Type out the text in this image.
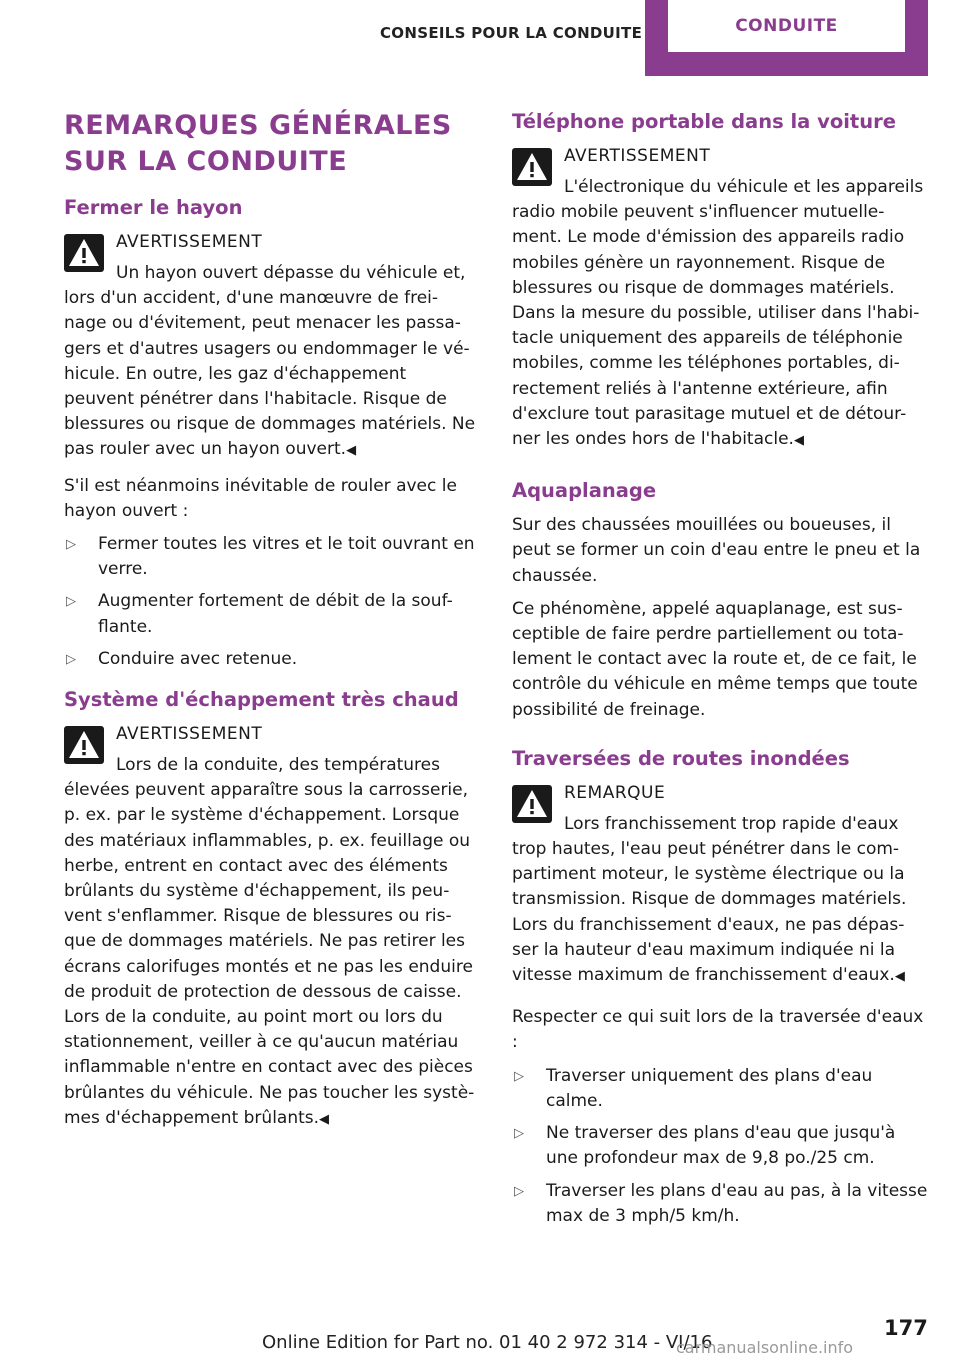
CONSEILS POUR LA CONDUITE	CONDUITE
REMARQUES GÉNÉRALES SUR LA CONDUITE
Fermer le hayon
AVERTISSEMENT
Un hayon ouvert dépasse du véhicule et, lors d'un accident, d'une manœuvre de frei-nage ou d'évitement, peut menacer les passa-gers et d'autres usagers ou endommager le vé-hicule. En outre, les gaz d'échappement peuvent pénétrer dans l'habitacle. Risque de blessures ou risque de dommages matériels. Ne pas rouler avec un hayon ouvert.◀
S'il est néanmoins inévitable de rouler avec le hayon ouvert :
▷ Fermer toutes les vitres et le toit ouvrant en verre.
▷ Augmenter fortement de débit de la souf-flante.
▷ Conduire avec retenue.
Système d'échappement très chaud
AVERTISSEMENT
Lors de la conduite, des températures élevées peuvent apparaître sous la carrosserie, p. ex. par le système d'échappement. Lorsque des matériaux inflammables, p. ex. feuillage ou herbe, entrent en contact avec des éléments brûlants du système d'échappement, ils peu-vent s'enflammer. Risque de blessures ou ris-que de dommages matériels. Ne pas retirer les écrans calorifuges montés et ne pas les enduire de produit de protection de dessous de caisse. Lors de la conduite, au point mort ou lors du stationnement, veiller à ce qu'aucun matériau inflammable n'entre en contact avec des pièces brûlantes du véhicule. Ne pas toucher les systè-mes d'échappement brûlants.◀
Téléphone portable dans la voiture
AVERTISSEMENT
L'électronique du véhicule et les appareils radio mobile peuvent s'influencer mutuelle-ment. Le mode d'émission des appareils radio mobiles génère un rayonnement. Risque de blessures ou risque de dommages matériels. Dans la mesure du possible, utiliser dans l'habi-tacle uniquement des appareils de téléphonie mobiles, comme les téléphones portables, di-rectement reliés à l'antenne extérieure, afin d'exclure tout parasitage mutuel et de détour-ner les ondes hors de l'habitacle.◀
Aquaplanage
Sur des chaussées mouillées ou boueuses, il peut se former un coin d'eau entre le pneu et la chaussée.
Ce phénomène, appelé aquaplanage, est sus-ceptible de faire perdre partiellement ou tota-lement le contact avec la route et, de ce fait, le contrôle du véhicule en même temps que toute possibilité de freinage.
Traversées de routes inondées
REMARQUE
Lors franchissement trop rapide d'eaux trop hautes, l'eau peut pénétrer dans le com-partiment moteur, le système électrique ou la transmission. Risque de dommages matériels. Lors du franchissement d'eaux, ne pas dépas-ser la hauteur d'eau maximum indiquée ni la vitesse maximum de franchissement d'eaux.◀
Respecter ce qui suit lors de la traversée d'eaux :
▷ Traverser uniquement des plans d'eau calme.
▷ Ne traverser des plans d'eau que jusqu'à une profondeur max de 9,8 po./25 cm.
▷ Traverser les plans d'eau au pas, à la vitesse max de 3 mph/5 km/h.
177
Online Edition for Part no. 01 40 2 972 314 - VI/16
carmanualsonline.info
